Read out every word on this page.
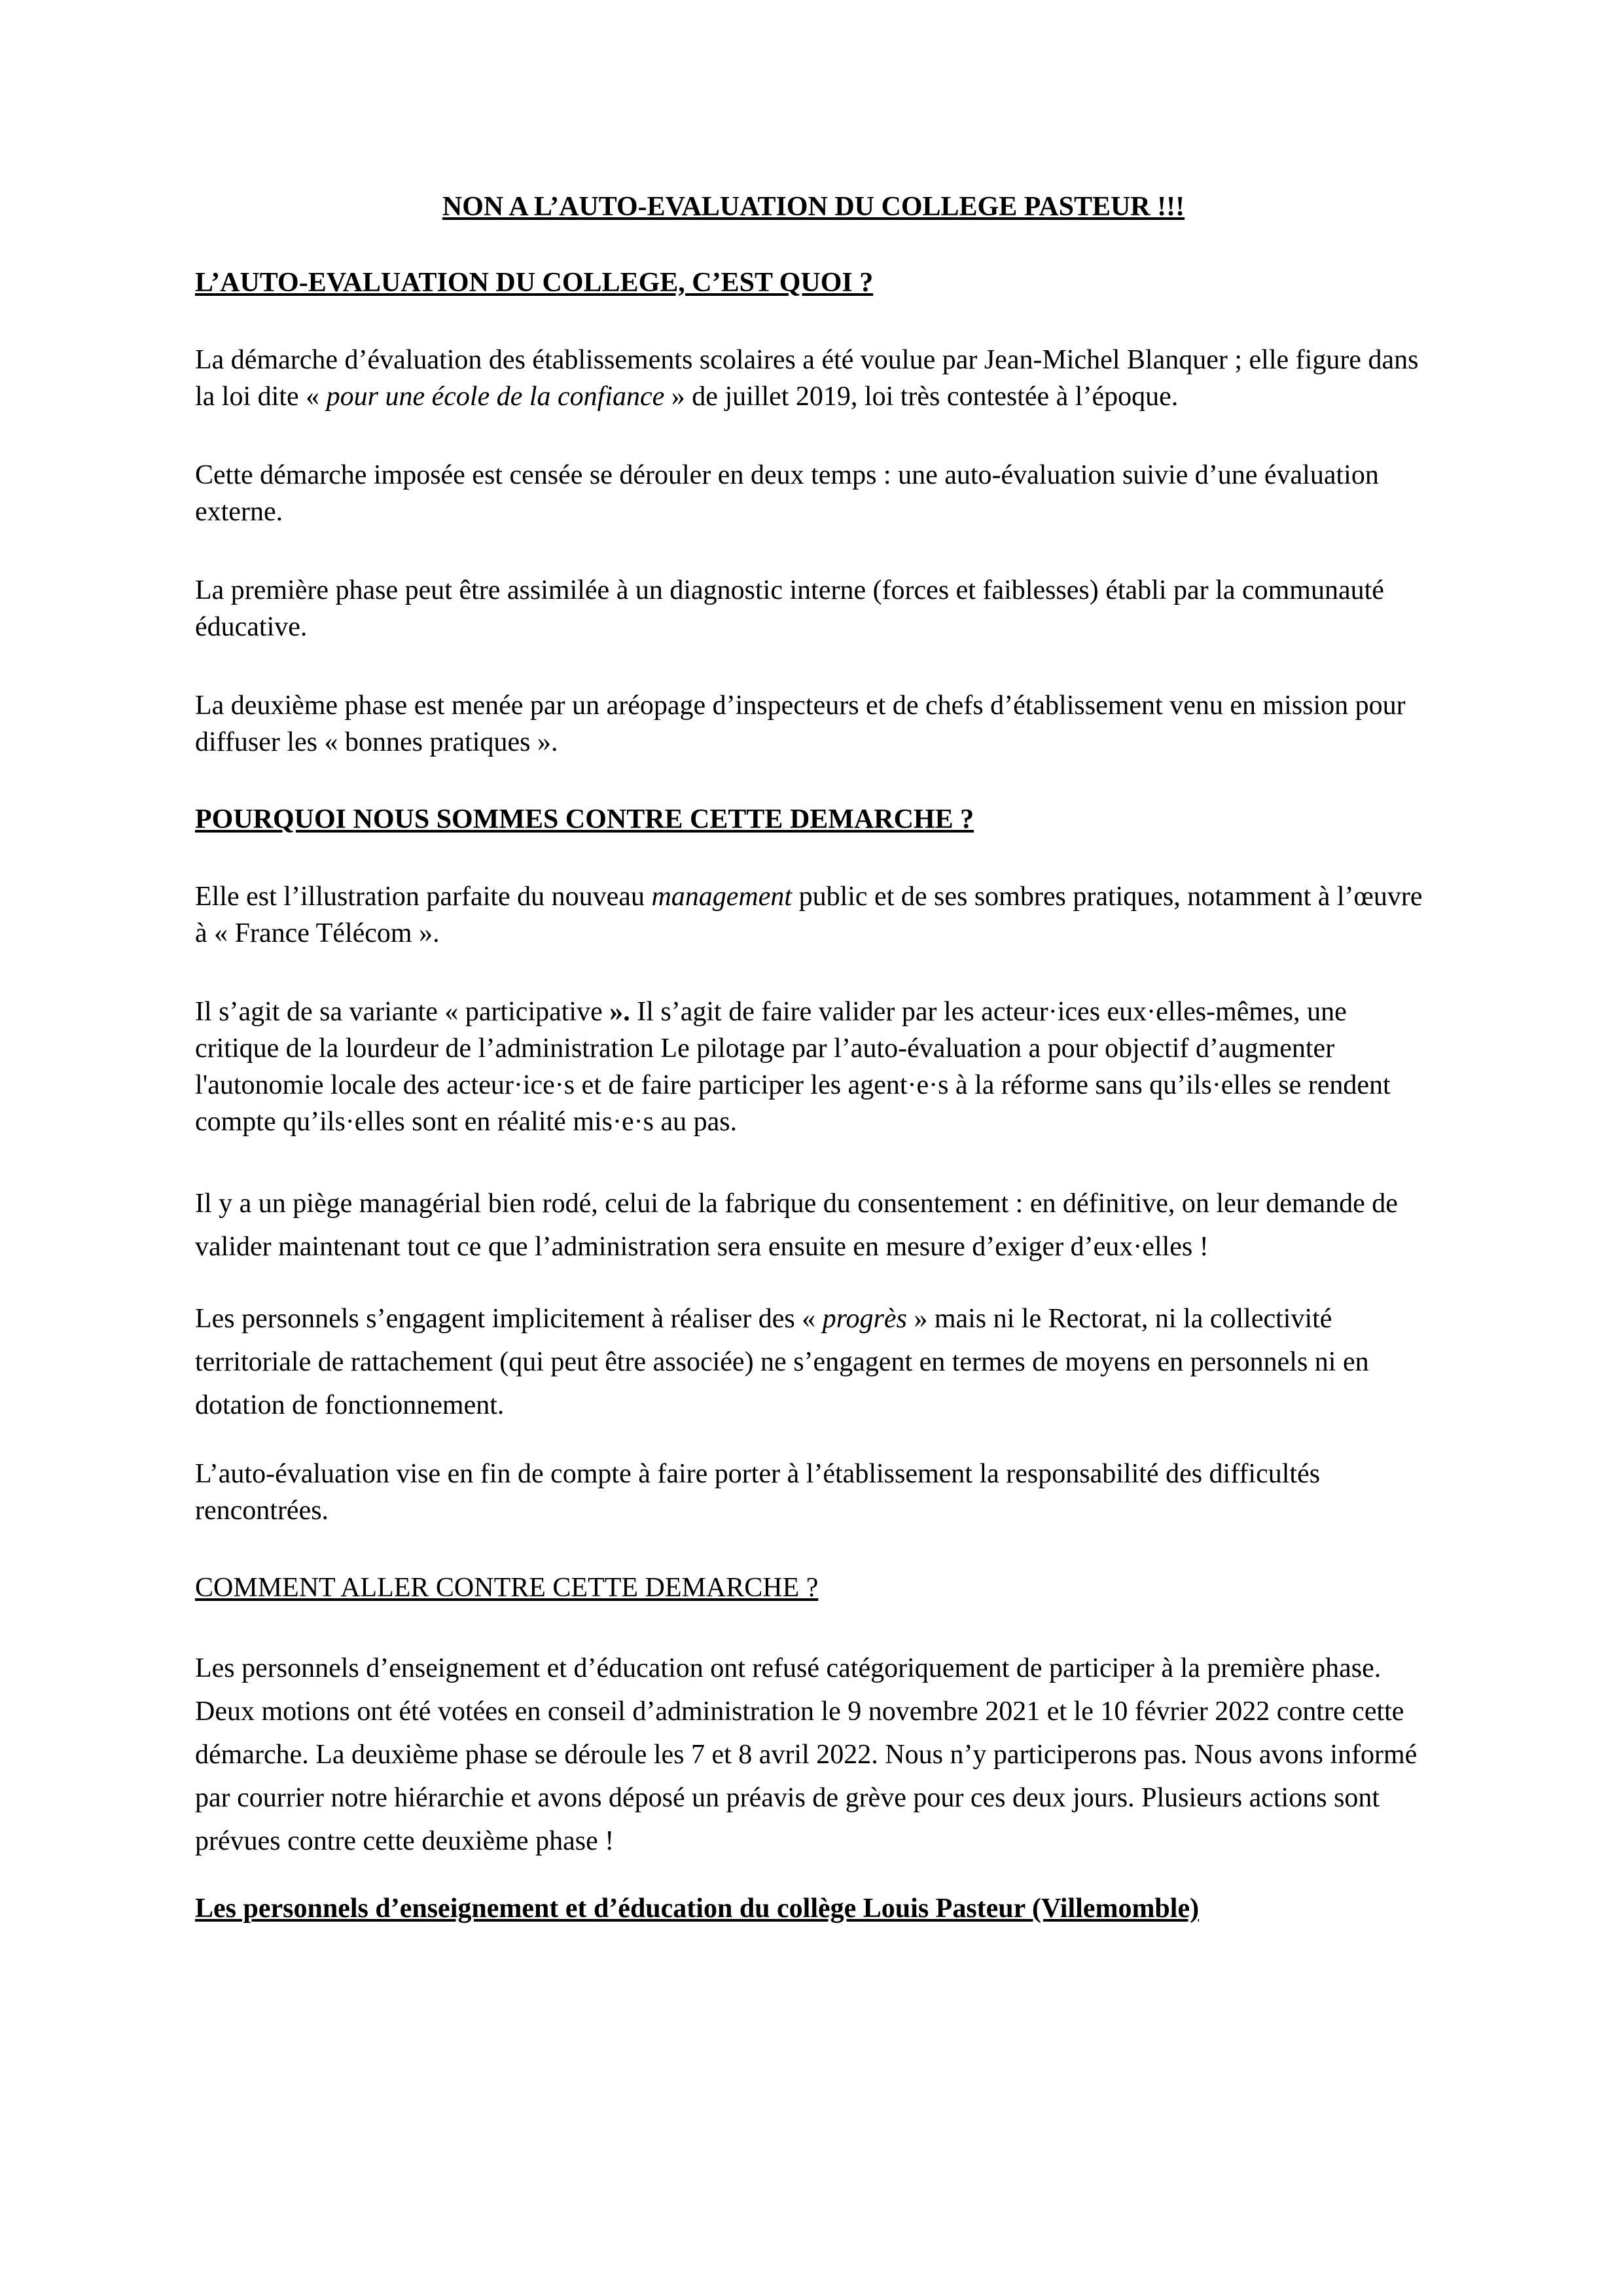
NON A L’AUTO-EVALUATION DU COLLEGE PASTEUR !!!
L’AUTO-EVALUATION DU COLLEGE, C’EST QUOI ?

La démarche d’évaluation des établissements scolaires a été voulue par Jean-Michel Blanquer ; elle figure dans la loi dite « pour une école de la confiance » de juillet 2019, loi très contestée à l’époque.

Cette démarche imposée est censée se dérouler en deux temps : une auto-évaluation suivie d’une évaluation externe.

La première phase peut être assimilée à un diagnostic interne (forces et faiblesses) établi par la communauté éducative.

La deuxième phase est menée par un aréopage d’inspecteurs et de chefs d’établissement venu en mission pour diffuser les « bonnes pratiques ».

POURQUOI NOUS SOMMES CONTRE CETTE DEMARCHE ?

Elle est l’illustration parfaite du nouveau management public et de ses sombres pratiques, notamment à l’œuvre à « France Télécom ».

Il s’agit de sa variante « participative ». Il s’agit de faire valider par les acteur·ices eux·elles-mêmes, une critique de la lourdeur de l’administration Le pilotage par l’auto-évaluation a pour objectif d’augmenter l'autonomie locale des acteur·ice·s et de faire participer les agent·e·s à la réforme sans qu’ils·elles se rendent compte qu’ils·elles sont en réalité mis·e·s au pas.

Il y a un piège managérial bien rodé, celui de la fabrique du consentement : en définitive, on leur demande de valider maintenant tout ce que l’administration sera ensuite en mesure d’exiger d’eux·elles !

Les personnels s’engagent implicitement à réaliser des « progrès » mais ni le Rectorat, ni la collectivité territoriale de rattachement (qui peut être associée) ne s’engagent en termes de moyens en personnels ni en dotation de fonctionnement.

L’auto-évaluation vise en fin de compte à faire porter à l’établissement la responsabilité des difficultés rencontrées.

COMMENT ALLER CONTRE CETTE DEMARCHE ?

Les personnels d’enseignement et d’éducation ont refusé catégoriquement de participer à la première phase. Deux motions ont été votées en conseil d’administration le 9 novembre 2021 et le 10 février 2022 contre cette démarche. La deuxième phase se déroule les 7 et 8 avril 2022. Nous n’y participerons pas. Nous avons informé par courrier notre hiérarchie et avons déposé un préavis de grève pour ces deux jours. Plusieurs actions sont prévues contre cette deuxième phase !

Les personnels d’enseignement et d’éducation du collège Louis Pasteur (Villemomble)
